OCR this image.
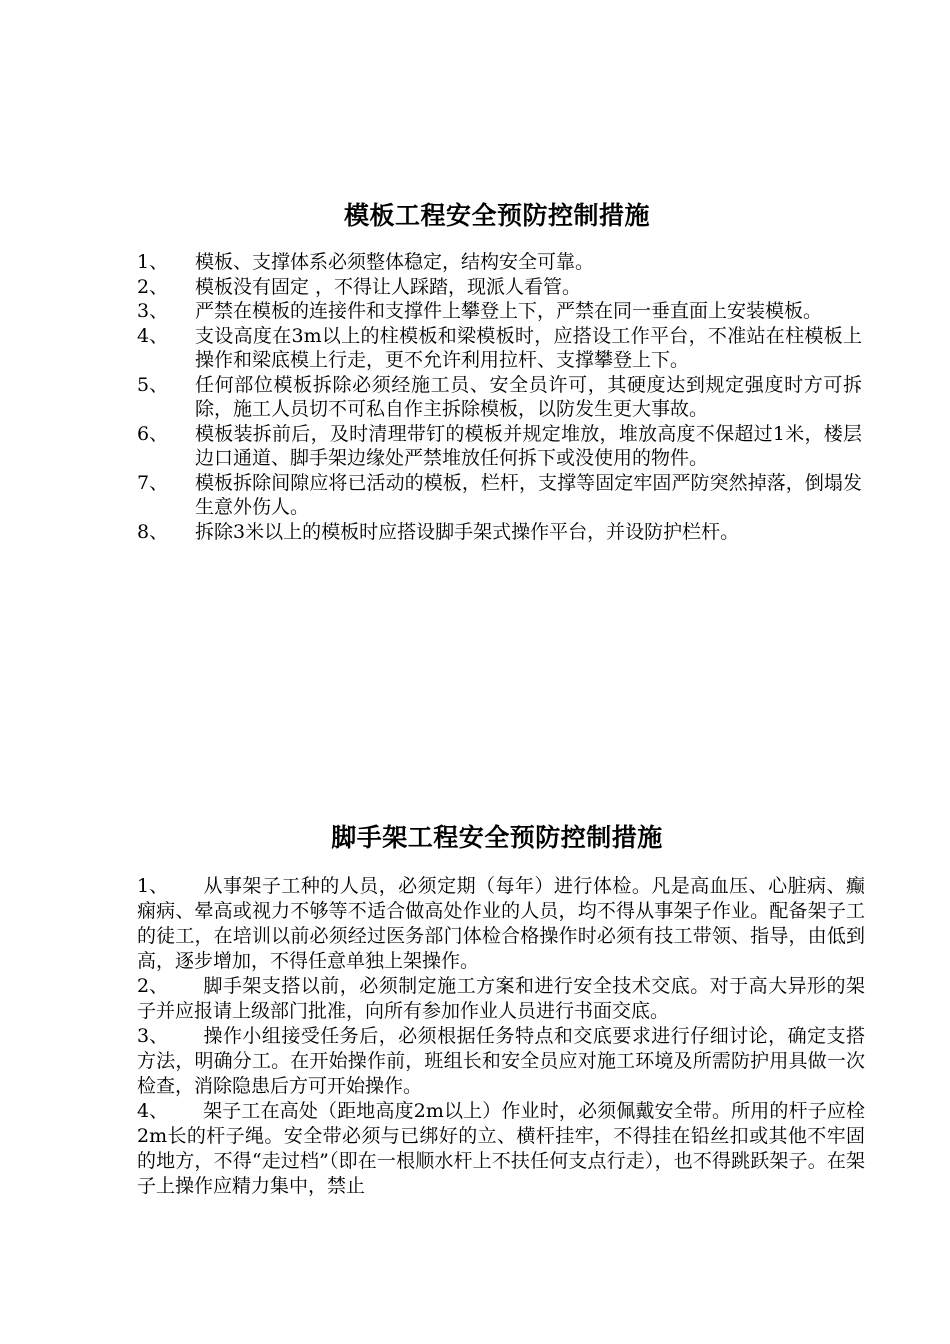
模板工程安全预防控制措施
1、	模板、支撑体系必须整体稳定，结构安全可靠。
2、	模板没有固定 ，不得让人踩踏，现派人看管。
3、	严禁在模板的连接件和支撑件上攀登上下，严禁在同一垂直面上安装模板。
4、	支设高度在3m以上的柱模板和梁模板时，应搭设工作平台，不准站在柱模板上操作和梁底模上行走，更不允许利用拉杆、支撑攀登上下。
5、	任何部位模板拆除必须经施工员、安全员许可，其硬度达到规定强度时方可拆除，施工人员切不可私自作主拆除模板，以防发生更大事故。
6、	模板装拆前后，及时清理带钉的模板并规定堆放，堆放高度不保超过1米，楼层边口通道、脚手架边缘处严禁堆放任何拆下或没使用的物件。
7、	模板拆除间隙应将已活动的模板，栏杆，支撑等固定牢固严防突然掉落，倒塌发生意外伤人。
8、	拆除3米以上的模板时应搭设脚手架式操作平台，并设防护栏杆。
脚手架工程安全预防控制措施

1、 从事架子工种的人员，必须定期（每年）进行体检。凡是高血压、心脏病、癫痫病、晕高或视力不够等不适合做高处作业的人员，均不得从事架子作业。配备架子工的徒工，在培训以前必须经过医务部门体检合格操作时必须有技工带领、指导，由低到高，逐步增加，不得任意单独上架操作。

2、 脚手架支搭以前，必须制定施工方案和进行安全技术交底。对于高大异形的架子并应报请上级部门批准，向所有参加作业人员进行书面交底。

3、 操作小组接受任务后，必须根据任务特点和交底要求进行仔细讨论，确定支搭方法，明确分工。在开始操作前，班组长和安全员应对施工环境及所需防护用具做一次检查，消除隐患后方可开始操作。

4、 架子工在高处（距地高度2m以上）作业时，必须佩戴安全带。所用的杆子应栓2m长的杆子绳。安全带必须与已绑好的立、横杆挂牢，不得挂在铅丝扣或其他不牢固的地方，不得“走过档”（即在一根顺水杆上不扶任何支点行走），也不得跳跃架子。在架子上操作应精力集中，禁止
